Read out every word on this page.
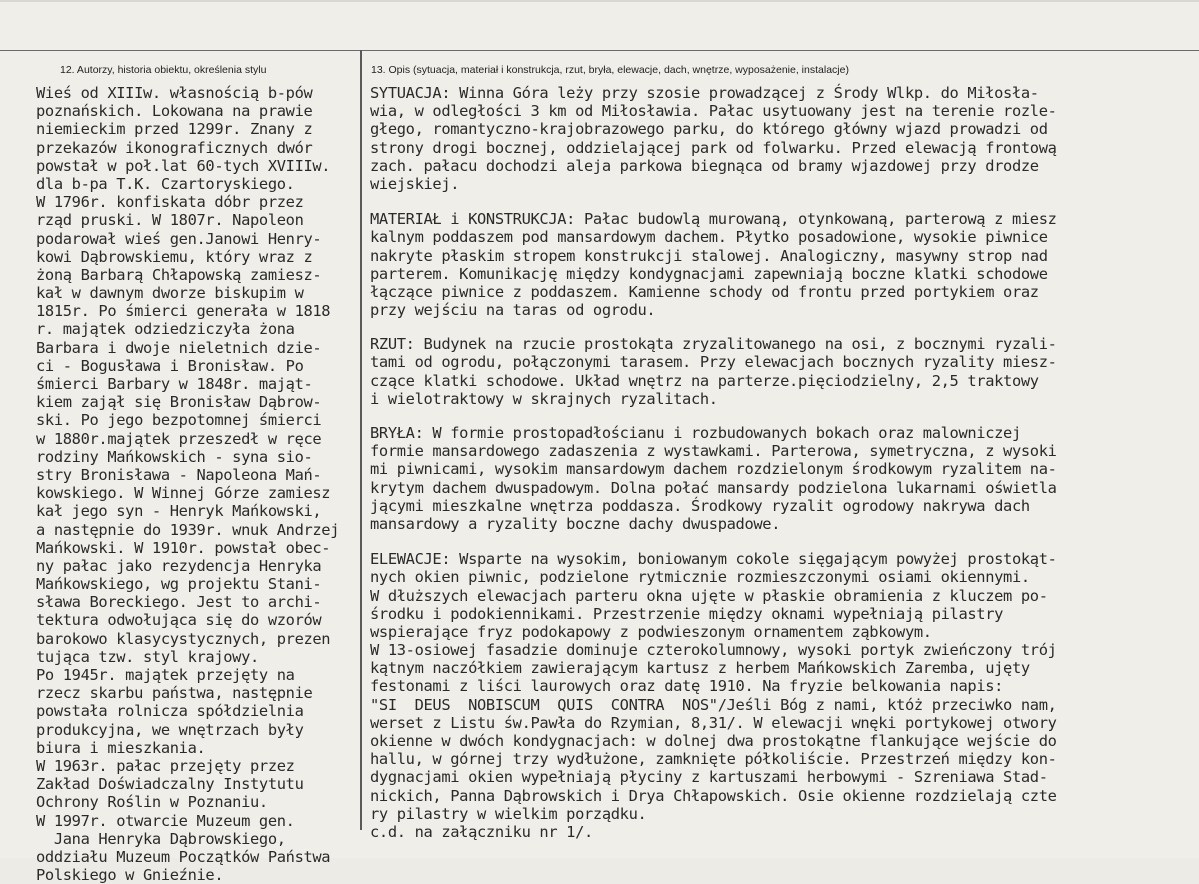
12. Autorzy, historia obiektu, określenia stylu	13. Opis (sytuacja, materiał i konstrukcja, rzut, bryła, elewacje, dach, wnętrze, wyposażenie, instalacje)
Wieś od XIIIw. własnością b-pów
poznańskich. Lokowana na prawie
niemieckim przed 1299r. Znany z
przekazów ikonograficznych dwór
powstał w poł.lat 60-tych XVIIIw.
dla b-pa T.K. Czartoryskiego.
W 1796r. konfiskata dóbr przez
rząd pruski. W 1807r. Napoleon
podarował wieś gen.Janowi Henry-
kowi Dąbrowskiemu, który wraz z
żoną Barbarą Chłapowską zamiesz-
kał w dawnym dworze biskupim w
1815r. Po śmierci generała w 1818
r. majątek odziedziczyła żona
Barbara i dwoje nieletnich dzie-
ci - Bogusława i Bronisław. Po
śmierci Barbary w 1848r. mająt-
kiem zajął się Bronisław Dąbrow-
ski. Po jego bezpotomnej śmierci
w 1880r.majątek przeszedł w ręce
rodziny Mańkowskich - syna sio-
stry Bronisława - Napoleona Mań-
kowskiego. W Winnej Górze zamiesz
kał jego syn - Henryk Mańkowski,
a następnie do 1939r. wnuk Andrzej
Mańkowski. W 1910r. powstał obec-
ny pałac jako rezydencja Henryka
Mańkowskiego, wg projektu Stani-
sława Boreckiego. Jest to archi-
tektura odwołująca się do wzorów
barokowo klasycystycznych, prezen
tująca tzw. styl krajowy.
Po 1945r. majątek przejęty na
rzecz skarbu państwa, następnie
powstała rolnicza spółdzielnia
produkcyjna, we wnętrzach były
biura i mieszkania.
W 1963r. pałac przejęty przez
Zakład Doświadczalny Instytutu
Ochrony Roślin w Poznaniu.
W 1997r. otwarcie Muzeum gen.
Jana Henryka Dąbrowskiego,
oddziału Muzeum Początków Państwa
Polskiego w Gnieźnie.
SYTUACJA: Winna Góra leży przy szosie prowadzącej z Środy Wlkp. do Miłosła-
wia, w odległości 3 km od Miłosławia. Pałac usytuowany jest na terenie rozle-
głego, romantyczno-krajobrazowego parku, do którego główny wjazd prowadzi od
strony drogi bocznej, oddzielającej park od folwarku. Przed elewacją frontową
zach. pałacu dochodzi aleja parkowa biegnąca od bramy wjazdowej przy drodze
wiejskiej.
MATERIAŁ i KONSTRUKCJA: Pałac budowlą murowaną, otynkowaną, parterową z miesz
kalnym poddaszem pod mansardowym dachem. Płytko posadowione, wysokie piwnice
nakryte płaskim stropem konstrukcji stalowej. Analogiczny, masywny strop nad
parterem. Komunikację między kondygnacjami zapewniają boczne klatki schodowe
łączące piwnice z poddaszem. Kamienne schody od frontu przed portykiem oraz
przy wejściu na taras od ogrodu.
RZUT: Budynek na rzucie prostokąta zryzalitowanego na osi, z bocznymi ryzali-
tami od ogrodu, połączonymi tarasem. Przy elewacjach bocznych ryzality miesz-
czące klatki schodowe. Układ wnętrz na parterze.pięciodzielny, 2,5 traktowy
i wielotraktowy w skrajnych ryzalitach.
BRYŁA: W formie prostopadłościanu i rozbudowanych bokach oraz malowniczej
formie mansardowego zadaszenia z wystawkami. Parterowa, symetryczna, z wysoki
mi piwnicami, wysokim mansardowym dachem rozdzielonym środkowym ryzalitem na-
krytym dachem dwuspadowym. Dolna połać mansardy podzielona lukarnami oświetla
jącymi mieszkalne wnętrza poddasza. Środkowy ryzalit ogrodowy nakrywa dach
mansardowy a ryzality boczne dachy dwuspadowe.
ELEWACJE: Wsparte na wysokim, boniowanym cokole sięgającym powyżej prostokąt-
nych okien piwnic, podzielone rytmicznie rozmieszczonymi osiami okiennymi.
W dłuższych elewacjach parteru okna ujęte w płaskie obramienia z kluczem po-
środku i podokiennikami. Przestrzenie między oknami wypełniają pilastry
wspierające fryz podokapowy z podwieszonym ornamentem ząbkowym.
W 13-osiowej fasadzie dominuje czterokolumnowy, wysoki portyk zwieńczony trój
kątnym naczółkiem zawierającym kartusz z herbem Mańkowskich Zaremba, ujęty
festonami z liści laurowych oraz datę 1910. Na fryzie belkowania napis:
"SI  DEUS  NOBISCUM  QUIS  CONTRA  NOS"/Jeśli Bóg z nami, któż przeciwko nam,
werset z Listu św.Pawła do Rzymian, 8,31/. W elewacji wnęki portykowej otwory
okienne w dwóch kondygnacjach: w dolnej dwa prostokątne flankujące wejście do
hallu, w górnej trzy wydłużone, zamknięte półkoliście. Przestrzeń między kon-
dygnacjami okien wypełniają płyciny z kartuszami herbowymi - Szreniawa Stad-
nickich, Panna Dąbrowskich i Drya Chłapowskich. Osie okienne rozdzielają czte
ry pilastry w wielkim porządku.
c.d. na załączniku nr 1/.
